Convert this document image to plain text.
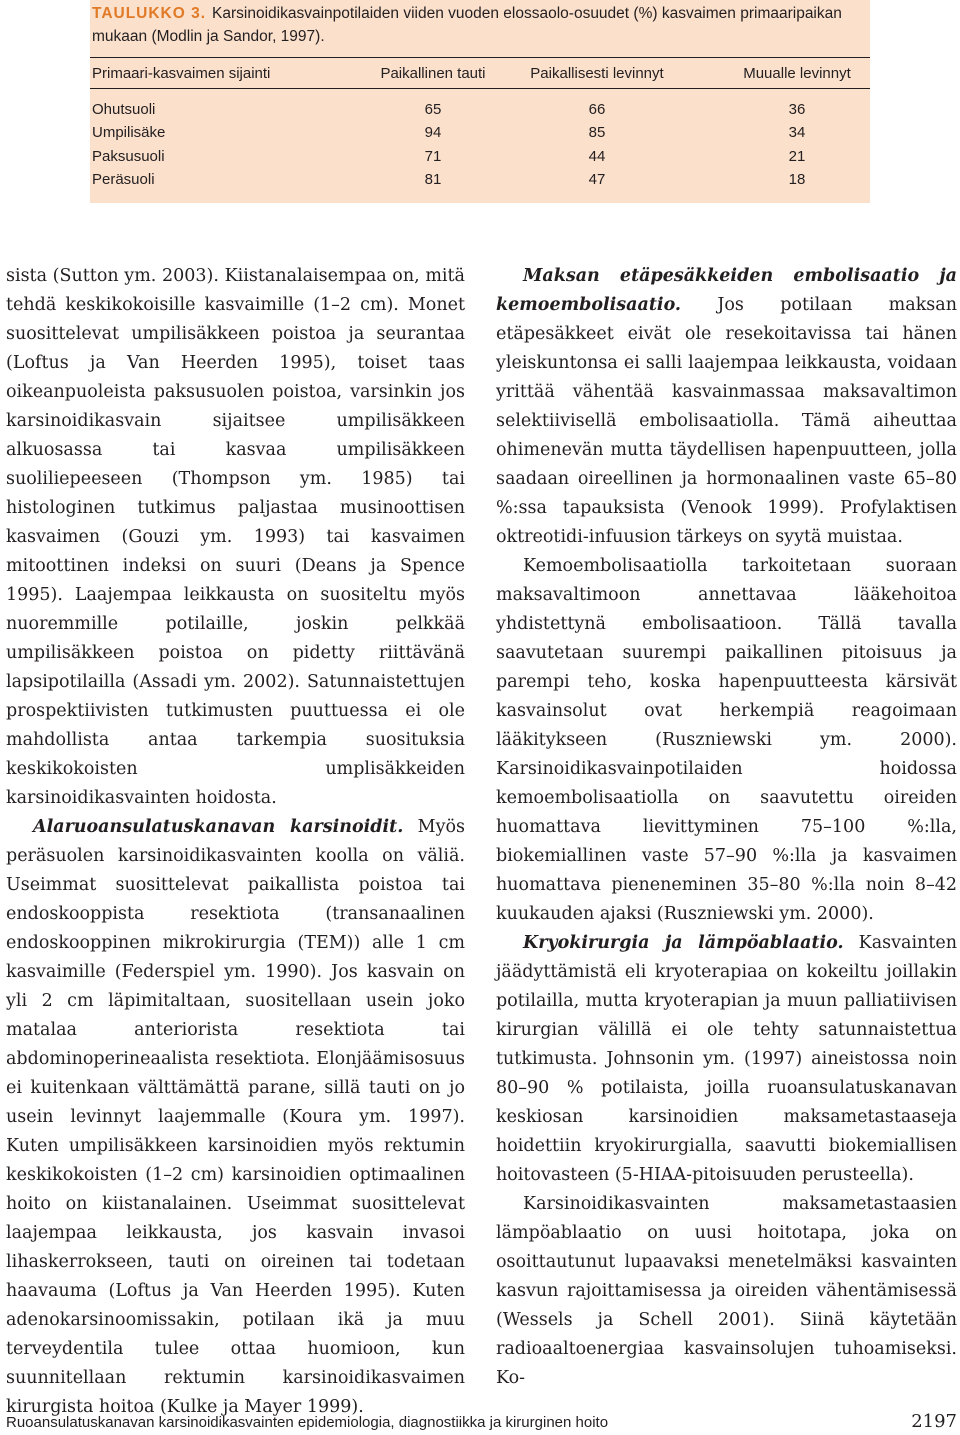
TAULUKKO 3. Karsinoidikasvainpotilaiden viiden vuoden elossaolo-osuudet (%) kasvaimen primaaripaikan mukaan (Modlin ja Sandor, 1997).
Primaari-kasvaimen sijainti	Paikallinen tauti	Paikallisesti levinnyt	Muualle levinnyt
Ohutsuoli	65	66	36
Umpilisäke	94	85	34
Paksusuoli	71	44	21
Peräsuoli	81	47	18

sista (Sutton ym. 2003). Kiistanalaisempaa on, mitä tehdä keskikokoisille kasvaimille (1–2 cm). Monet suosittelevat umpilisäkkeen poistoa ja seurantaa (Loftus ja Van Heerden 1995), toiset taas oikeanpuoleista paksusuolen poistoa, varsinkin jos karsinoidikasvain sijaitsee umpilisäkkeen alkuosassa tai kasvaa umpilisäkkeen suoliliepeeseen (Thompson ym. 1985) tai histologinen tutkimus paljastaa musinoottisen kasvaimen (Gouzi ym. 1993) tai kasvaimen mitoottinen indeksi on suuri (Deans ja Spence 1995). Laajempaa leikkausta on suositeltu myös nuoremmille potilaille, joskin pelkkää umpilisäkkeen poistoa on pidetty riittävänä lapsipotilailla (Assadi ym. 2002). Satunnaistettujen prospektiivisten tutkimusten puuttuessa ei ole mahdollista antaa tarkempia suosituksia keskikokoisten umplisäkkeiden karsinoidikasvainten hoidosta.

Alaruoansulatuskanavan karsinoidit. Myös peräsuolen karsinoidikasvainten koolla on väliä. Useimmat suosittelevat paikallista poistoa tai endoskooppista resektiota (transanaalinen endoskooppinen mikrokirurgia (TEM)) alle 1 cm kasvaimille (Federspiel ym. 1990). Jos kasvain on yli 2 cm läpimitaltaan, suositellaan usein joko matalaa anteriorista resektiota tai abdominoperineaalista resektiota. Elonjäämisosuus ei kuitenkaan välttämättä parane, sillä tauti on jo usein levinnyt laajemmalle (Koura ym. 1997). Kuten umpilisäkkeen karsinoidien myös rektumin keskikokoisten (1–2 cm) karsinoidien optimaalinen hoito on kiistanalainen. Useimmat suosittelevat laajempaa leikkausta, jos kasvain invasoi lihaskerrokseen, tauti on oireinen tai todetaan haavauma (Loftus ja Van Heerden 1995). Kuten adenokarsinoomissakin, potilaan ikä ja muu terveydentila tulee ottaa huomioon, kun suunnitellaan rektumin karsinoidikasvaimen kirurgista hoitoa (Kulke ja Mayer 1999).

Maksan etäpesäkkeiden embolisaatio ja kemoembolisaatio. Jos potilaan maksan etäpesäkkeet eivät ole resekoitavissa tai hänen yleiskuntonsa ei salli laajempaa leikkausta, voidaan yrittää vähentää kasvainmassaa maksavaltimon selektiivisellä embolisaatiolla. Tämä aiheuttaa ohimenevän mutta täydellisen hapenpuutteen, jolla saadaan oireellinen ja hormonaalinen vaste 65–80 %:ssa tapauksista (Venook 1999). Profylaktisen oktreotidi-infuusion tärkeys on syytä muistaa.

Kemoembolisaatiolla tarkoitetaan suoraan maksavaltimoon annettavaa lääkehoitoa yhdistettynä embolisaatioon. Tällä tavalla saavutetaan suurempi paikallinen pitoisuus ja parempi teho, koska hapenpuutteesta kärsivät kasvainsolut ovat herkempiä reagoimaan lääkitykseen (Ruszniewski ym. 2000). Karsinoidikasvainpotilaiden hoidossa kemoembolisaatiolla on saavutettu oireiden huomattava lievittyminen 75–100 %:lla, biokemiallinen vaste 57–90 %:lla ja kasvaimen huomattava pieneneminen 35–80 %:lla noin 8–42 kuukauden ajaksi (Ruszniewski ym. 2000).

Kryokirurgia ja lämpöablaatio. Kasvainten jäädyttämistä eli kryoterapiaa on kokeiltu joillakin potilailla, mutta kryoterapian ja muun palliatiivisen kirurgian välillä ei ole tehty satunnaistettua tutkimusta. Johnsonin ym. (1997) aineistossa noin 80–90 % potilaista, joilla ruoansulatuskanavan keskiosan karsinoidien maksametastaaseja hoidettiin kryokirurgialla, saavutti biokemiallisen hoitovasteen (5-HIAA-pitoisuuden perusteella).

Karsinoidikasvainten maksametastaasien lämpöablaatio on uusi hoitotapa, joka on osoittautunut lupaavaksi menetelmäksi kasvainten kasvun rajoittamisessa ja oireiden vähentämisessä (Wessels ja Schell 2001). Siinä käytetään radioaaltoenergiaa kasvainsolujen tuhoamiseksi. Ko-

Ruoansulatuskanavan karsinoidikasvainten epidemiologia, diagnostiikka ja kirurginen hoito	2197
